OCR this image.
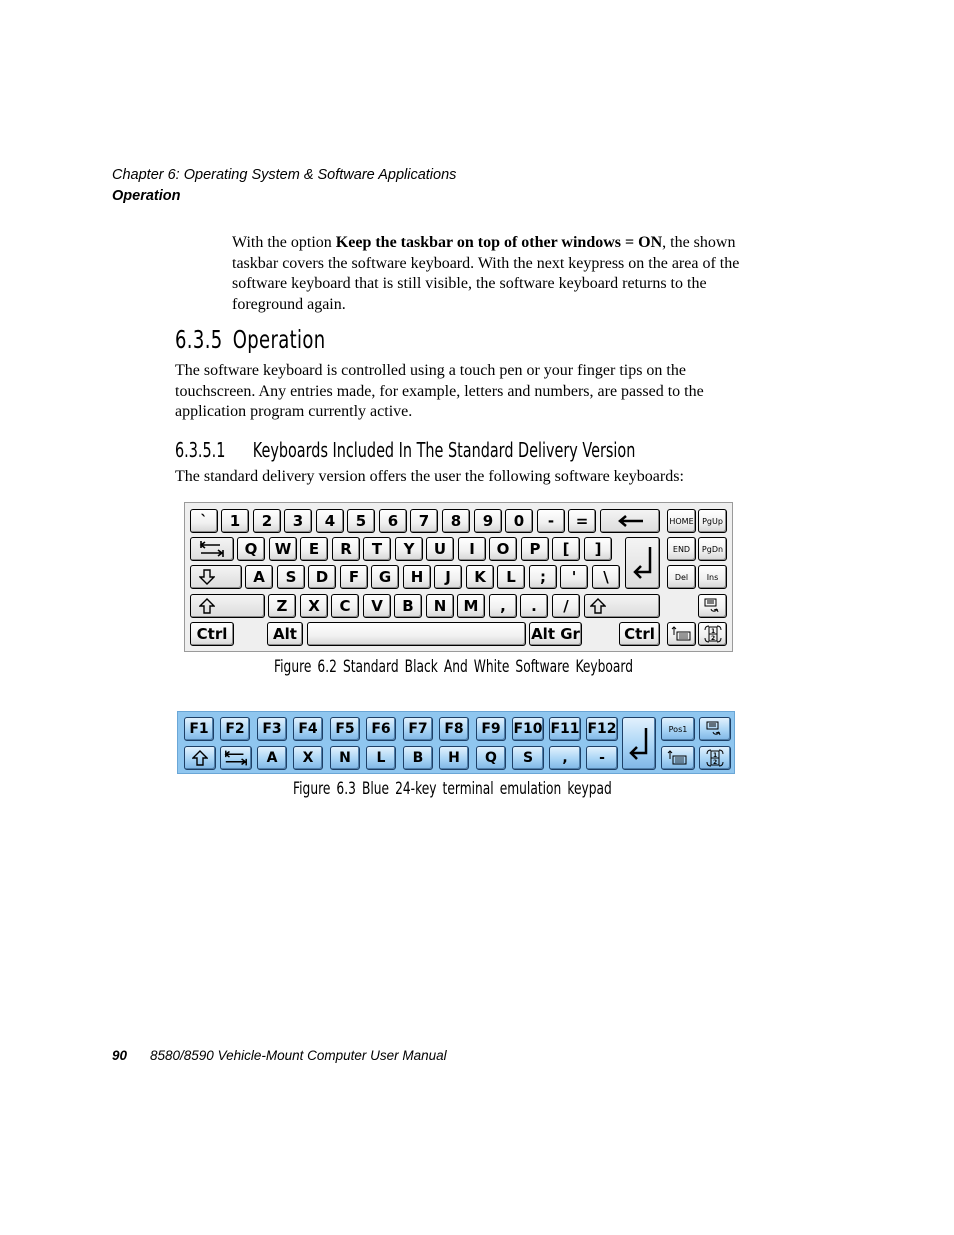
Chapter 6: Operating System & Software Applications
Operation

With the option Keep the taskbar on top of other windows = ON, the shown taskbar covers the software keyboard. With the next keypress on the area of the software keyboard that is still visible, the software keyboard returns to the foreground again.

6.3.5 Operation

The software keyboard is controlled using a touch pen or your finger tips on the touchscreen. Any entries made, for example, letters and numbers, are passed to the application program currently active.

6.3.5.1 Keyboards Included In The Standard Delivery Version

The standard delivery version offers the user the following software keyboards:

`	1	2	3	4	5	6	7	8	9	0	-	=	HOME	PgUp
Q	W	E	R	T	Y	U	I	O	P	[	]	END	PgDn
A	S	D	F	G	H	J	K	L	;	'	\	Del	Ins
Z	X	C	V	B	N	M	,	.	/
Ctrl	Alt	Alt Gr	Ctrl	1
2
Figure 6.2 Standard Black And White Software Keyboard
F1	F2	F3	F4	F5	F6	F7	F8	F9 F10 F11 F12	Pos1
A	X	N	L	B	H	Q	S	,	-	1
2
Figure 6.3 Blue 24-key terminal emulation keypad
90 8580/8590 Vehicle-Mount Computer User Manual
